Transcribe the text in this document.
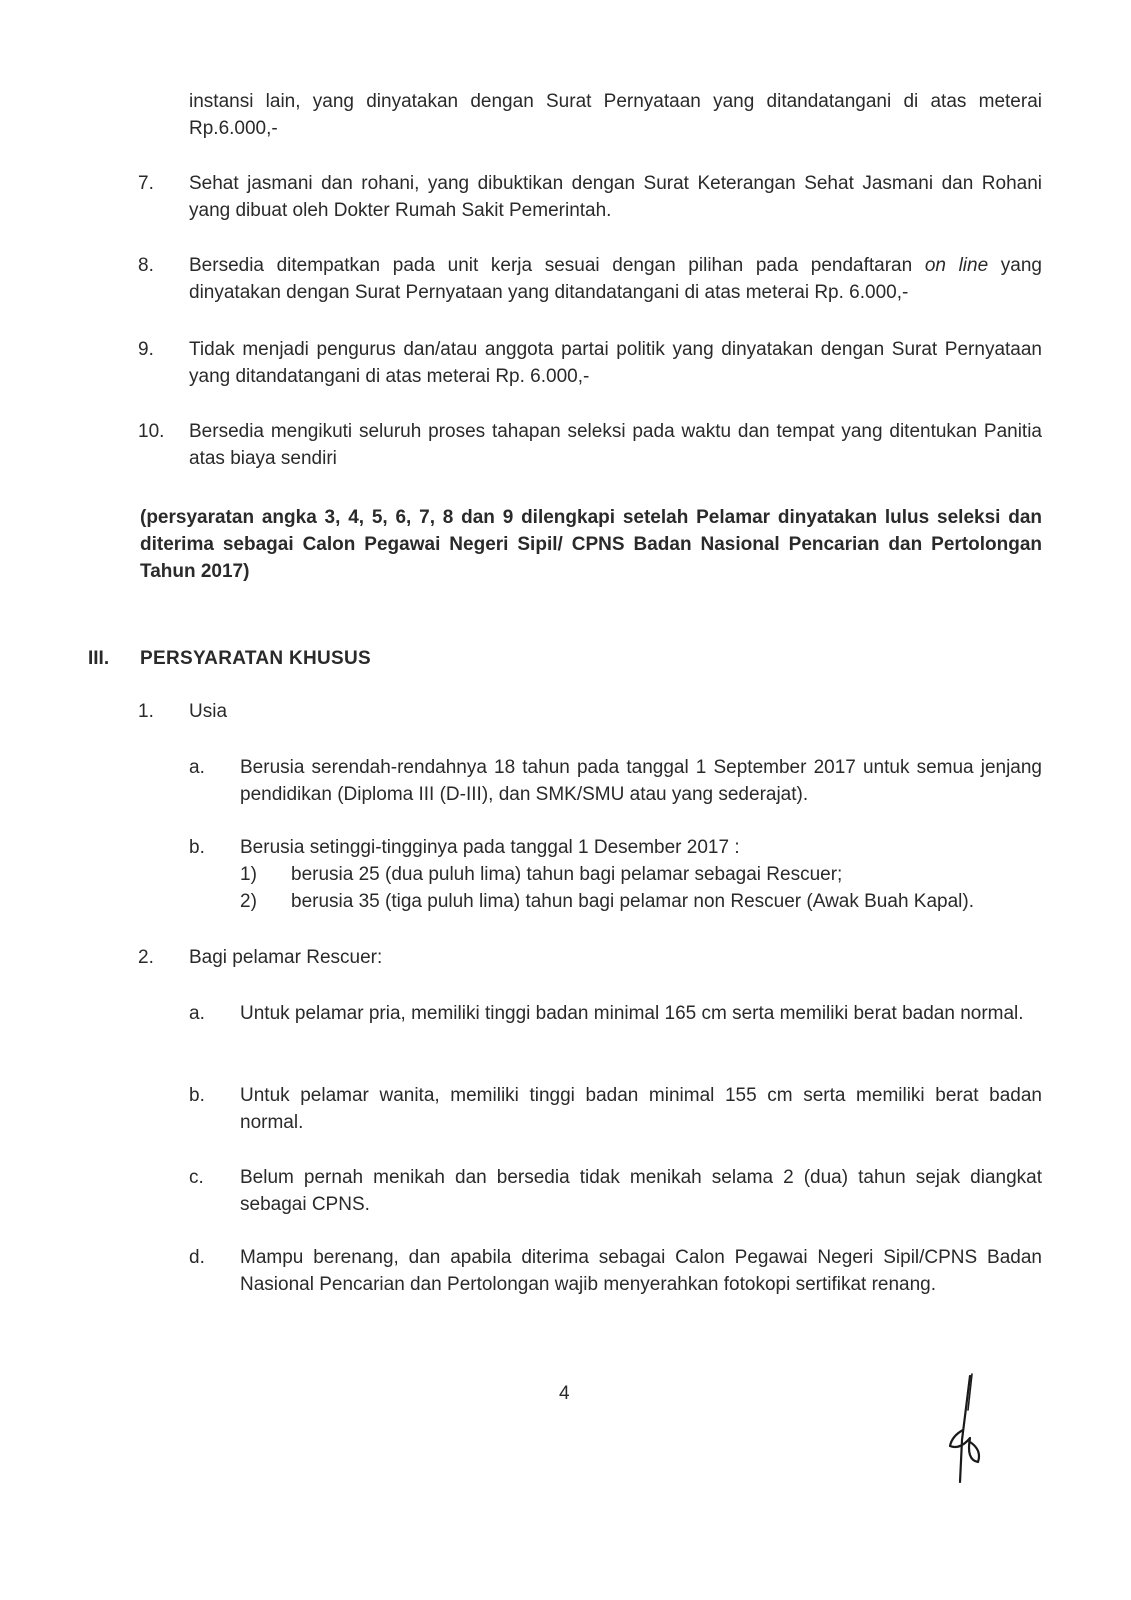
instansi lain, yang dinyatakan dengan Surat Pernyataan yang ditandatangani di atas meterai Rp.6.000,-
7. Sehat jasmani dan rohani, yang dibuktikan dengan Surat Keterangan Sehat Jasmani dan Rohani yang dibuat oleh Dokter Rumah Sakit Pemerintah.
8. Bersedia ditempatkan pada unit kerja sesuai dengan pilihan pada pendaftaran on line yang dinyatakan dengan Surat Pernyataan yang ditandatangani di atas meterai Rp. 6.000,-
9. Tidak menjadi pengurus dan/atau anggota partai politik yang dinyatakan dengan Surat Pernyataan yang ditandatangani di atas meterai Rp. 6.000,-
10. Bersedia mengikuti seluruh proses tahapan seleksi pada waktu dan tempat yang ditentukan Panitia atas biaya sendiri
(persyaratan angka 3, 4, 5, 6, 7, 8 dan 9 dilengkapi setelah Pelamar dinyatakan lulus seleksi dan diterima sebagai Calon Pegawai Negeri Sipil/ CPNS Badan Nasional Pencarian dan Pertolongan Tahun 2017)
III. PERSYARATAN KHUSUS
1. Usia
a. Berusia serendah-rendahnya 18 tahun pada tanggal 1 September 2017 untuk semua jenjang pendidikan (Diploma III (D-III), dan SMK/SMU atau yang sederajat).
b. Berusia setinggi-tingginya pada tanggal 1 Desember 2017 :
1) berusia 25 (dua puluh lima) tahun bagi pelamar sebagai Rescuer;
2) berusia 35 (tiga puluh lima) tahun bagi pelamar non Rescuer (Awak Buah Kapal).
2. Bagi pelamar Rescuer:
a. Untuk pelamar pria, memiliki tinggi badan minimal 165 cm serta memiliki berat badan normal.
b. Untuk pelamar wanita, memiliki tinggi badan minimal 155 cm serta memiliki berat badan normal.
c. Belum pernah menikah dan bersedia tidak menikah selama 2 (dua) tahun sejak diangkat sebagai CPNS.
d. Mampu berenang, dan apabila diterima sebagai Calon Pegawai Negeri Sipil/CPNS Badan Nasional Pencarian dan Pertolongan wajib menyerahkan fotokopi sertifikat renang.
4
